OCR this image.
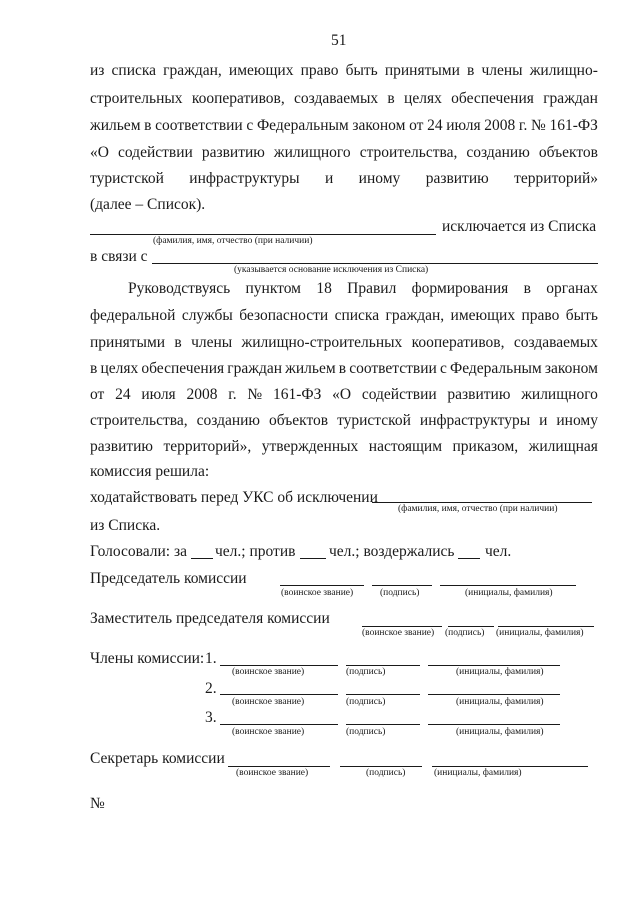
51
из списка граждан, имеющих право быть принятыми в члены жилищно-
строительных кооперативов, создаваемых в целях обеспечения граждан
жильем в соответствии с Федеральным законом от 24 июля 2008 г. № 161-ФЗ
«О содействии развитию жилищного строительства, созданию объектов
туристской инфраструктуры и иному развитию территорий»
(далее – Список).
исключается из Списка
(фамилия, имя, отчество (при наличии)
в связи с
(указывается основание исключения из Списка)
Руководствуясь пунктом 18 Правил формирования в органах
федеральной службы безопасности списка граждан, имеющих право быть
принятыми в члены жилищно-строительных кооперативов, создаваемых
в целях обеспечения граждан жильем в соответствии с Федеральным законом
от 24 июля 2008 г. № 161-ФЗ «О содействии развитию жилищного
строительства, созданию объектов туристской инфраструктуры и иному
развитию территорий», утвержденных настоящим приказом, жилищная
комиссия решила:
ходатайствовать перед УКС об исключении
(фамилия, имя, отчество (при наличии)
из Списка.
Голосовали: за чел.; против чел.; воздержались чел.
Председатель комиссии
(воинское звание)	(подпись)	(инициалы, фамилия)
Заместитель председателя комиссии
(воинское звание) (подпись) (инициалы, фамилия)
Члены комиссии: 1.
(воинское звание)	(подпись)	(инициалы, фамилия)
2.
(воинское звание)	(подпись)	(инициалы, фамилия)
3.
(воинское звание)	(подпись)	(инициалы, фамилия)
Секретарь комиссии
(воинское звание)	(подпись)	(инициалы, фамилия)
№
